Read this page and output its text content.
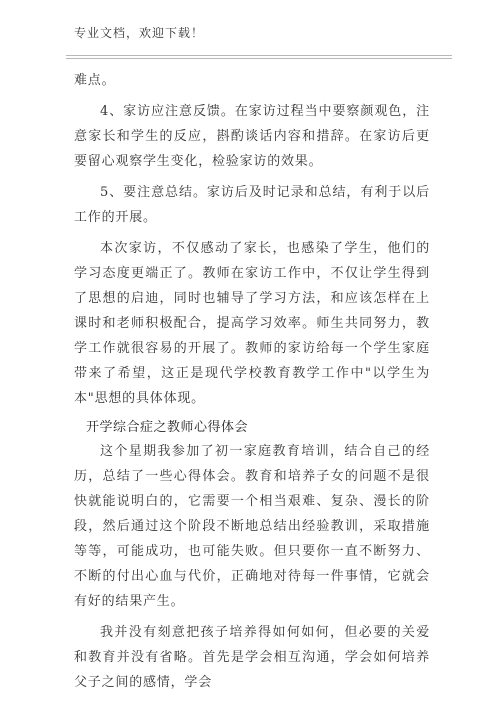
专业文档，欢迎下载！

难点。

4、家访应注意反馈。在家访过程当中要察颜观色，注意家长和学生的反应，斟酌谈话内容和措辞。在家访后更要留心观察学生变化，检验家访的效果。

5、要注意总结。家访后及时记录和总结，有利于以后工作的开展。

本次家访，不仅感动了家长，也感染了学生，他们的学习态度更端正了。教师在家访工作中，不仅让学生得到了思想的启迪，同时也辅导了学习方法，和应该怎样在上课时和老师积极配合，提高学习效率。师生共同努力，教学工作就很容易的开展了。教师的家访给每一个学生家庭带来了希望，这正是现代学校教育教学工作中"以学生为本"思想的具体体现。

开学综合症之教师心得体会

这个星期我参加了初一家庭教育培训，结合自己的经历，总结了一些心得体会。教育和培养子女的问题不是很快就能说明白的，它需要一个相当艰难、复杂、漫长的阶段，然后通过这个阶段不断地总结出经验教训，采取措施等等，可能成功，也可能失败。但只要你一直不断努力、不断的付出心血与代价，正确地对待每一件事情，它就会有好的结果产生。

我并没有刻意把孩子培养得如何如何，但必要的关爱和教育并没有省略。首先是学会相互沟通，学会如何培养父子之间的感情，学会
